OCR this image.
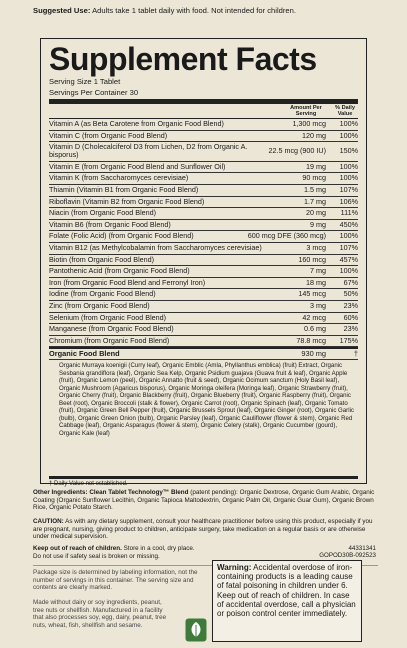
Suggested Use: Adults take 1 tablet daily with food. Not intended for children.
Supplement Facts
Serving Size 1 Tablet
Servings Per Container 30
Amount Per Serving
% Daily Value
Vitamin A (as Beta Carotene from Organic Food Blend)	1,300 mcg	100%
Vitamin C (from Organic Food Blend)	120 mg	100%
Vitamin D (Cholecalciferol D3 from Lichen, D2 from Organic A. bisporus)
22.5 mcg (900 IU)	150%
Vitamin E (from Organic Food Blend and Sunflower Oil)	19 mg	100%
Vitamin K (from Saccharomyces cerevisiae)	90 mcg	100%
Thiamin (Vitamin B1 from Organic Food Blend)	1.5 mg	107%
Riboflavin (Vitamin B2 from Organic Food Blend)	1.7 mg	106%
Niacin (from Organic Food Blend)	20 mg	111%
Vitamin B6 (from Organic Food Blend)	9 mg	450%
Folate (Folic Acid) (from Organic Food Blend)	600 mcg DFE (360 mcg)	100%
Vitamin B12 (as Methylcobalamin from Saccharomyces cerevisiae)	3 mcg	107%
Biotin (from Organic Food Blend)	160 mcg	457%
Pantothenic Acid (from Organic Food Blend)	7 mg	100%
Iron (from Organic Food Blend and Ferronyl Iron)	18 mg	67%
Iodine (from Organic Food Blend)	145 mcg	50%
Zinc (from Organic Food Blend)	3 mg	23%
Selenium (from Organic Food Blend)	42 mcg	60%
Manganese (from Organic Food Blend)	0.6 mg	23%
Chromium (from Organic Food Blend)	78.8 mcg	175%
Organic Food Blend	930 mg	†
Organic Murraya koenigii (Curry leaf), Organic Emblic (Amla, Phyllanthus emblica) (fruit) Extract, Organic Sesbania grandiflora (leaf), Organic Sea Kelp, Organic Psidium guajava (Guava fruit & leaf), Organic Apple (fruit), Organic Lemon (peel), Organic Annatto (fruit & seed), Organic Ocimum sanctum (Holy Basil leaf), Organic Mushroom (Agaricus bisporus), Organic Moringa oleifera (Moringa leaf), Organic Strawberry (fruit), Organic Cherry (fruit), Organic Blackberry (fruit), Organic Blueberry (fruit), Organic Raspberry (fruit), Organic Beet (root), Organic Broccoli (stalk & flower), Organic Carrot (root), Organic Spinach (leaf), Organic Tomato (fruit), Organic Green Bell Pepper (fruit), Organic Brussels Sprout (leaf), Organic Ginger (root), Organic Garlic (bulb), Organic Green Onion (bulb), Organic Parsley (leaf), Organic Cauliflower (flower & stem), Organic Red Cabbage (leaf), Organic Asparagus (flower & stem), Organic Celery (stalk), Organic Cucumber (gourd), Organic Kale (leaf)
† Daily Value not established.
Other Ingredients: Clean Tablet Technology™ Blend (patent pending): Organic Dextrose, Organic Gum Arabic, Organic Coating (Organic Sunflower Lecithin, Organic Tapioca Maltodextrin, Organic Palm Oil, Organic Guar Gum), Organic Brown Rice, Organic Potato Starch.
CAUTION: As with any dietary supplement, consult your healthcare practitioner before using this product, especially if you are pregnant, nursing, giving product to children, anticipate surgery, take medication on a regular basis or are otherwise under medical supervision.
Keep out of reach of children. Store in a cool, dry place.
Do not use if safety seal is broken or missing.
44331341
GOPOD30B-092523
Package size is determined by labeling information, not the number of servings in this container. The serving size and contents are clearly marked.
Made without dairy or soy ingredients, peanut, tree nuts or shellfish. Manufactured in a facility that also processes soy, egg, dairy, peanut, tree nuts, wheat, fish, shellfish and sesame.
Warning: Accidental overdose of iron-containing products is a leading cause of fatal poisoning in children under 6. Keep out of reach of children. In case of accidental overdose, call a physician or poison control center immediately.
